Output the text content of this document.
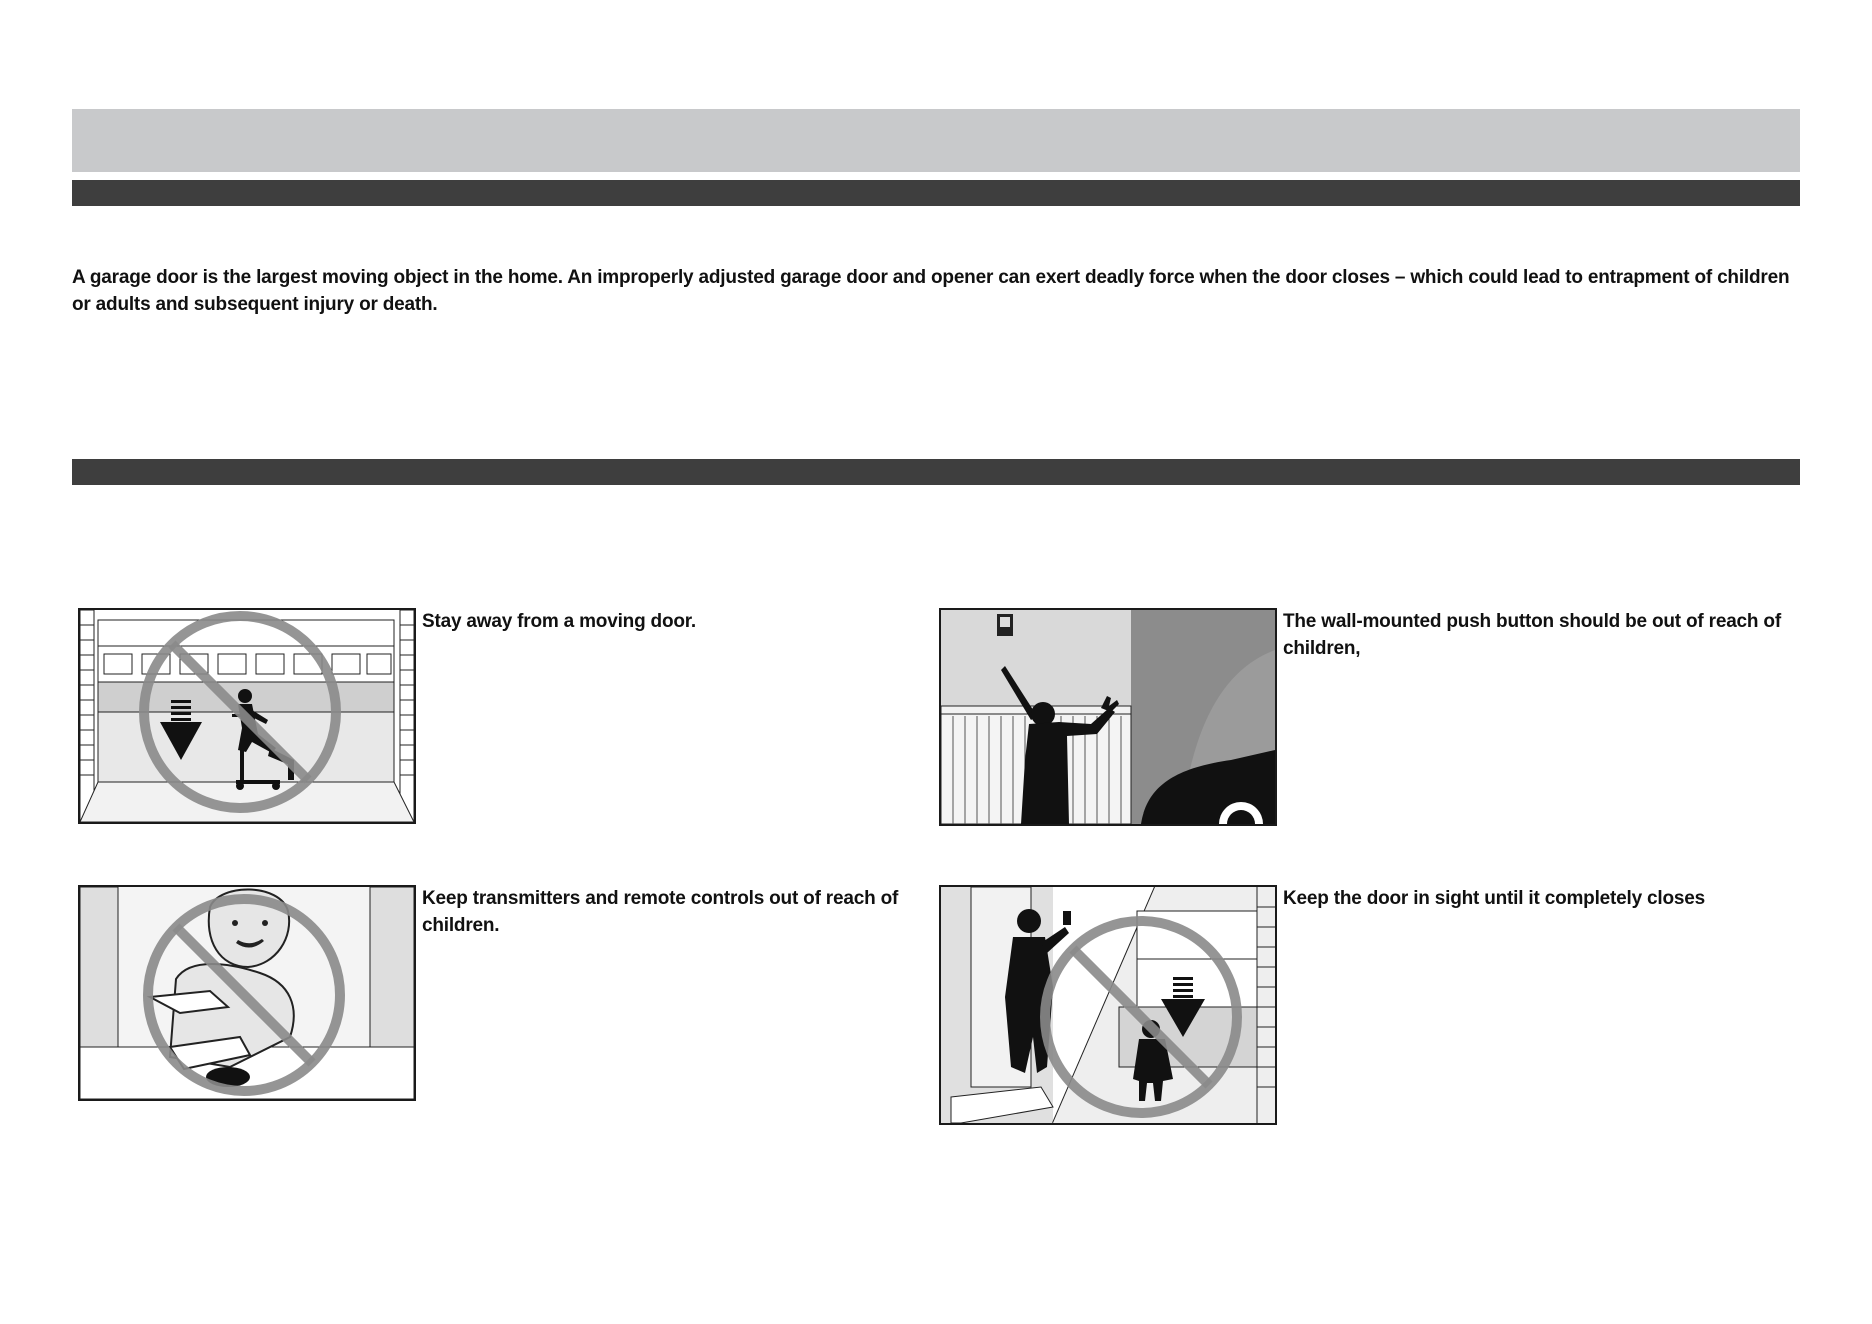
A garage door is the largest moving object in the home. An improperly adjusted garage door and opener can exert deadly force when the door closes – which could lead to entrapment of children or adults and subsequent injury or death.

Stay away from a moving door.	The wall-mounted push button should be out of reach of children,

Keep transmitters and remote controls out of reach of children.

Keep the door in sight until it completely closes
